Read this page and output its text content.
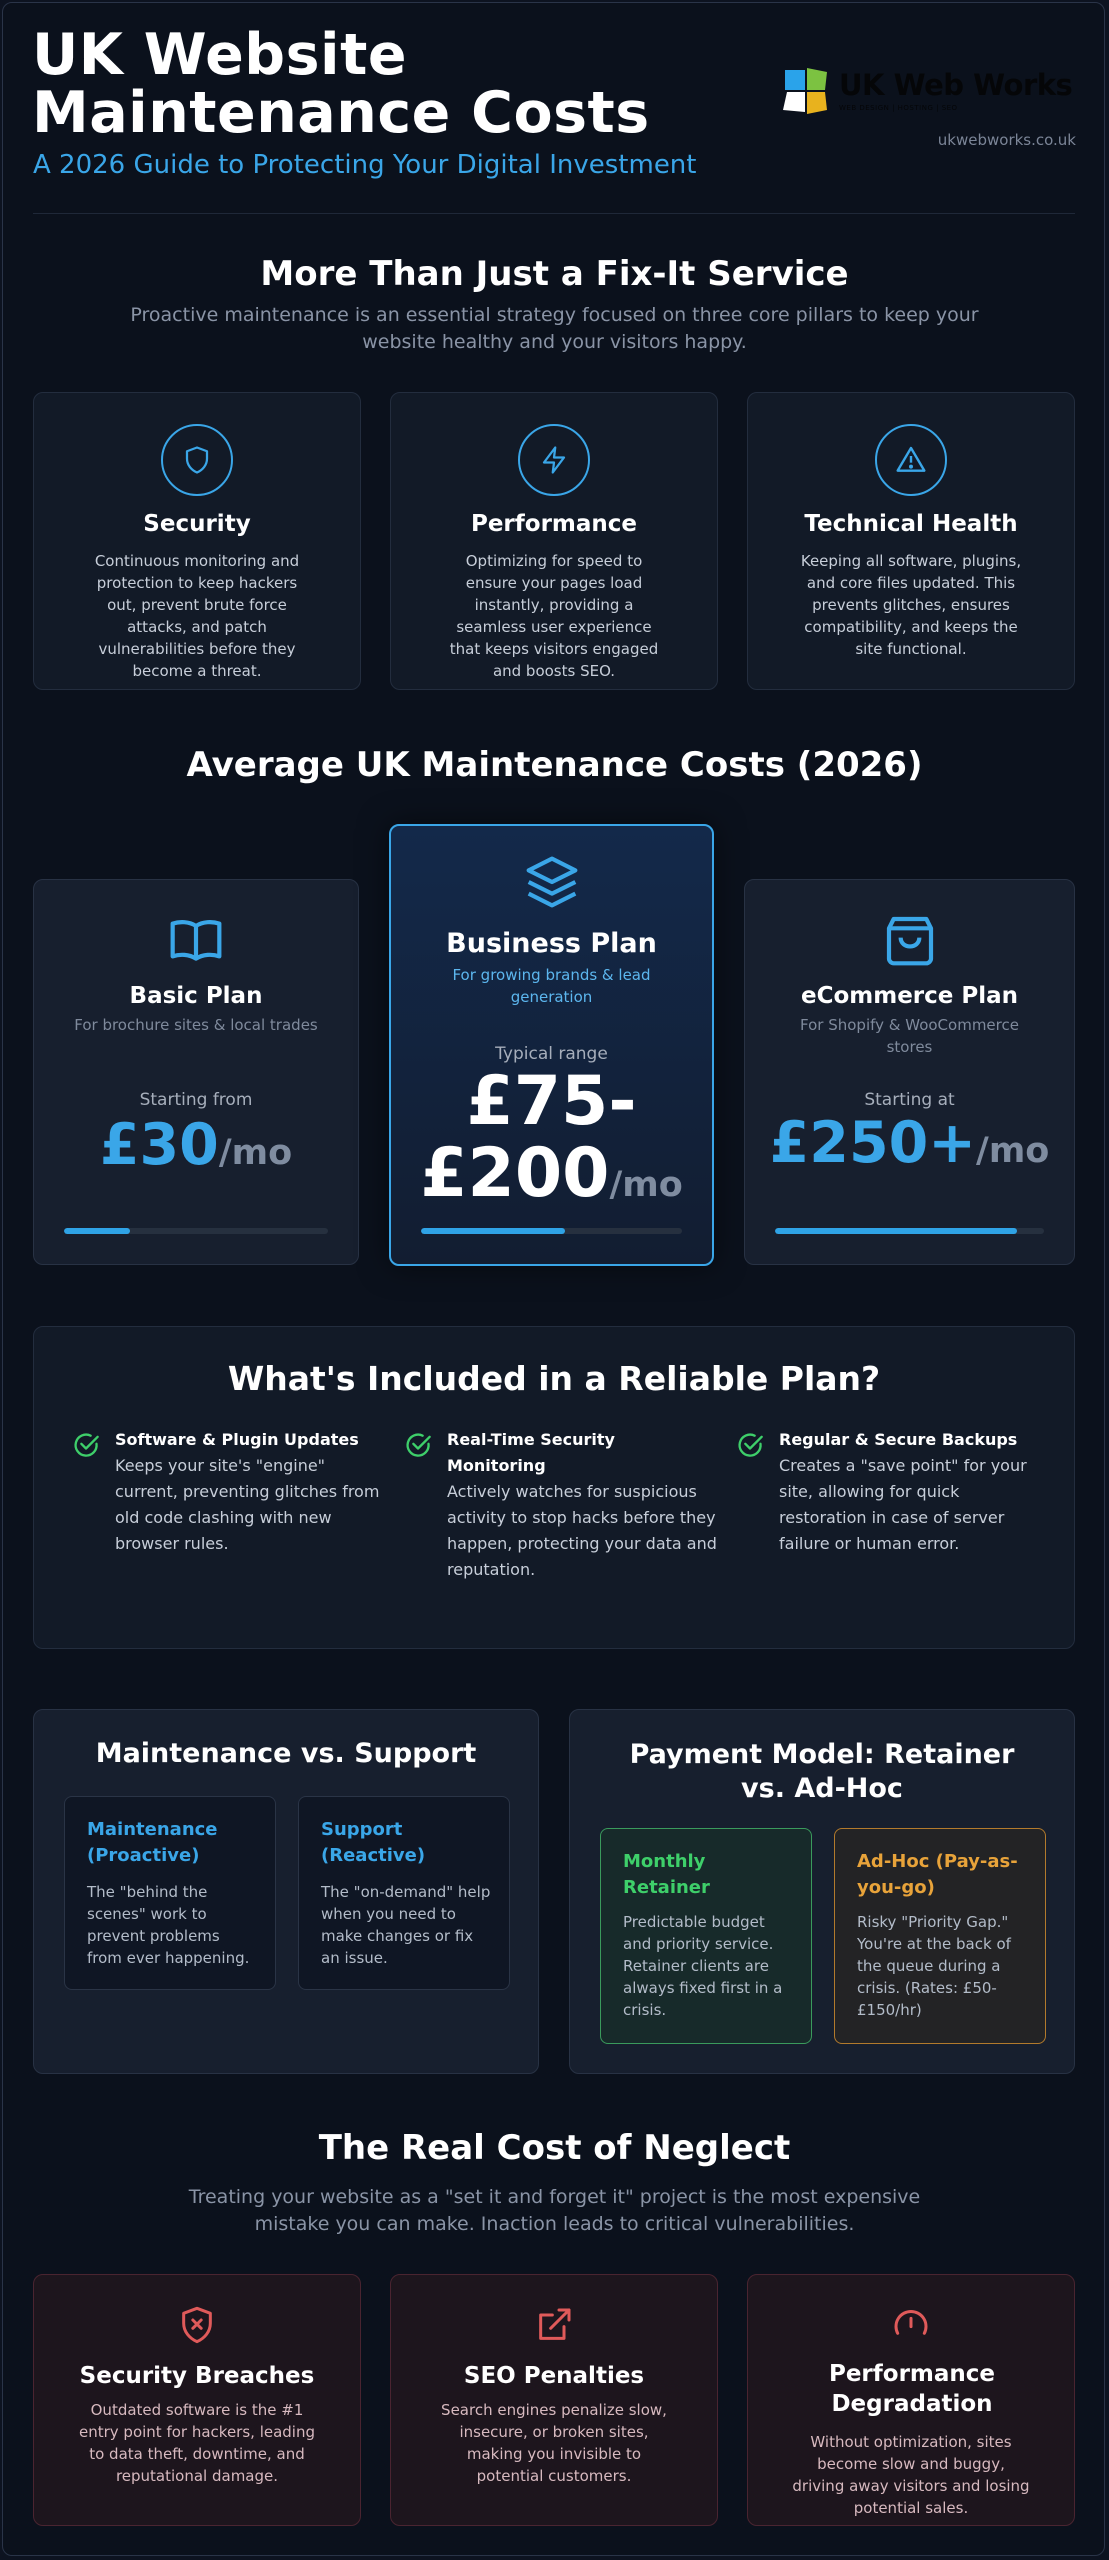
UK Website Maintenance Costs
A 2026 Guide to Protecting Your Digital Investment
UK Web Works
WEB DESIGN | HOSTING | SEO
ukwebworks.co.uk
More Than Just a Fix-It Service
Proactive maintenance is an essential strategy focused on three core pillars to keep your website healthy and your visitors happy.
Security
Continuous monitoring and protection to keep hackers out, prevent brute force attacks, and patch vulnerabilities before they become a threat.
Performance
Optimizing for speed to ensure your pages load instantly, providing a seamless user experience that keeps visitors engaged and boosts SEO.
Technical Health
Keeping all software, plugins, and core files updated. This prevents glitches, ensures compatibility, and keeps the site functional.
Average UK Maintenance Costs (2026)
Basic Plan
For brochure sites & local trades
Starting from
£30/mo
Business Plan
For growing brands & lead generation
Typical range
£75-
£200/mo
eCommerce Plan
For Shopify & WooCommerce stores
Starting at
£250+/mo
What's Included in a Reliable Plan?
Software & Plugin Updates
Keeps your site's "engine" current, preventing glitches from old code clashing with new browser rules.
Real-Time Security Monitoring
Actively watches for suspicious activity to stop hacks before they happen, protecting your data and reputation.
Regular & Secure Backups
Creates a "save point" for your site, allowing for quick restoration in case of server failure or human error.
Maintenance vs. Support
Maintenance (Proactive)
The "behind the scenes" work to prevent problems from ever happening.
Support (Reactive)
The "on-demand" help when you need to make changes or fix an issue.
Payment Model: Retainer vs. Ad-Hoc
Monthly Retainer
Predictable budget and priority service. Retainer clients are always fixed first in a crisis.
Ad-Hoc (Pay-as-you-go)
Risky "Priority Gap." You're at the back of the queue during a crisis. (Rates: £50-£150/hr)
The Real Cost of Neglect
Treating your website as a "set it and forget it" project is the most expensive mistake you can make. Inaction leads to critical vulnerabilities.
Security Breaches
Outdated software is the #1 entry point for hackers, leading to data theft, downtime, and reputational damage.
SEO Penalties
Search engines penalize slow, insecure, or broken sites, making you invisible to potential customers.
Performance Degradation
Without optimization, sites become slow and buggy, driving away visitors and losing potential sales.
